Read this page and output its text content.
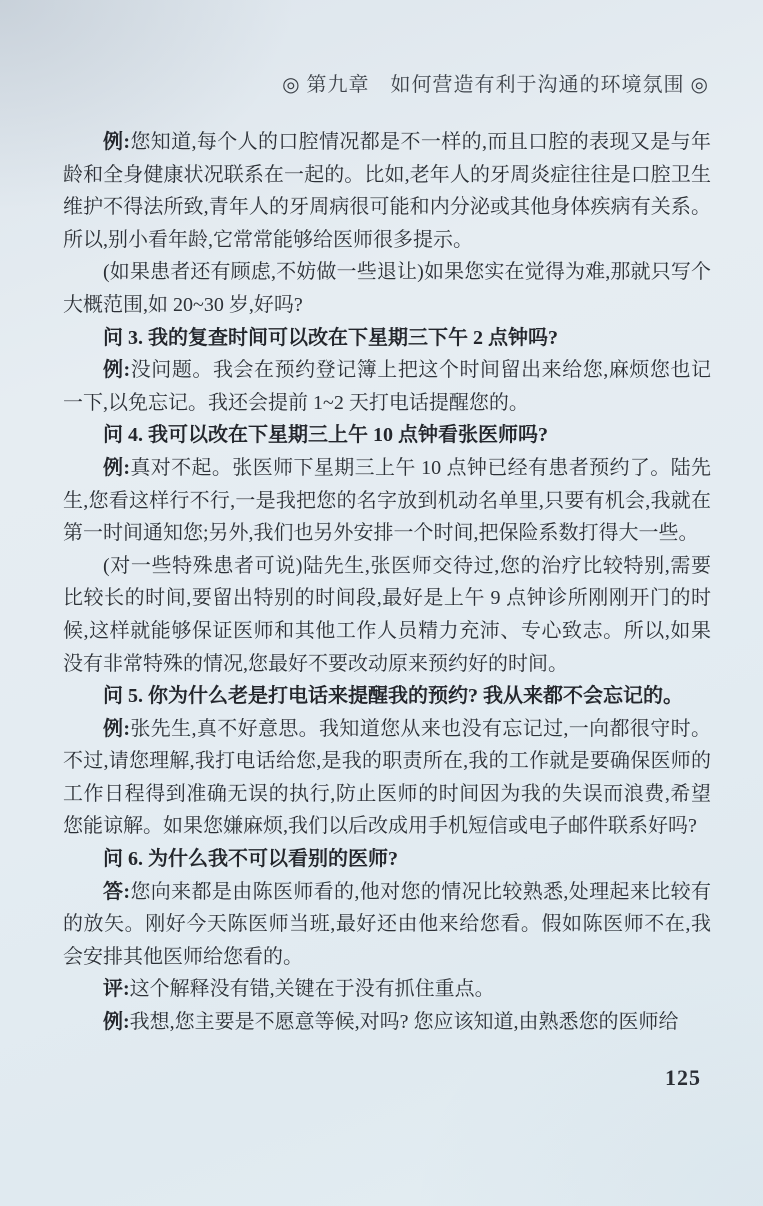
◎ 第九章　如何营造有利于沟通的环境氛围 ◎

例:您知道,每个人的口腔情况都是不一样的,而且口腔的表现又是与年龄和全身健康状况联系在一起的。比如,老年人的牙周炎症往往是口腔卫生维护不得法所致,青年人的牙周病很可能和内分泌或其他身体疾病有关系。所以,别小看年龄,它常常能够给医师很多提示。

(如果患者还有顾虑,不妨做一些退让)如果您实在觉得为难,那就只写个大概范围,如 20~30 岁,好吗?

问 3. 我的复查时间可以改在下星期三下午 2 点钟吗?

例:没问题。我会在预约登记簿上把这个时间留出来给您,麻烦您也记一下,以免忘记。我还会提前 1~2 天打电话提醒您的。

问 4. 我可以改在下星期三上午 10 点钟看张医师吗?

例:真对不起。张医师下星期三上午 10 点钟已经有患者预约了。陆先生,您看这样行不行,一是我把您的名字放到机动名单里,只要有机会,我就在第一时间通知您;另外,我们也另外安排一个时间,把保险系数打得大一些。

(对一些特殊患者可说)陆先生,张医师交待过,您的治疗比较特别,需要比较长的时间,要留出特别的时间段,最好是上午 9 点钟诊所刚刚开门的时候,这样就能够保证医师和其他工作人员精力充沛、专心致志。所以,如果没有非常特殊的情况,您最好不要改动原来预约好的时间。

问 5. 你为什么老是打电话来提醒我的预约? 我从来都不会忘记的。

例:张先生,真不好意思。我知道您从来也没有忘记过,一向都很守时。不过,请您理解,我打电话给您,是我的职责所在,我的工作就是要确保医师的工作日程得到准确无误的执行,防止医师的时间因为我的失误而浪费,希望您能谅解。如果您嫌麻烦,我们以后改成用手机短信或电子邮件联系好吗?

问 6. 为什么我不可以看别的医师?

答:您向来都是由陈医师看的,他对您的情况比较熟悉,处理起来比较有的放矢。刚好今天陈医师当班,最好还由他来给您看。假如陈医师不在,我会安排其他医师给您看的。

评:这个解释没有错,关键在于没有抓住重点。

例:我想,您主要是不愿意等候,对吗? 您应该知道,由熟悉您的医师给

125
